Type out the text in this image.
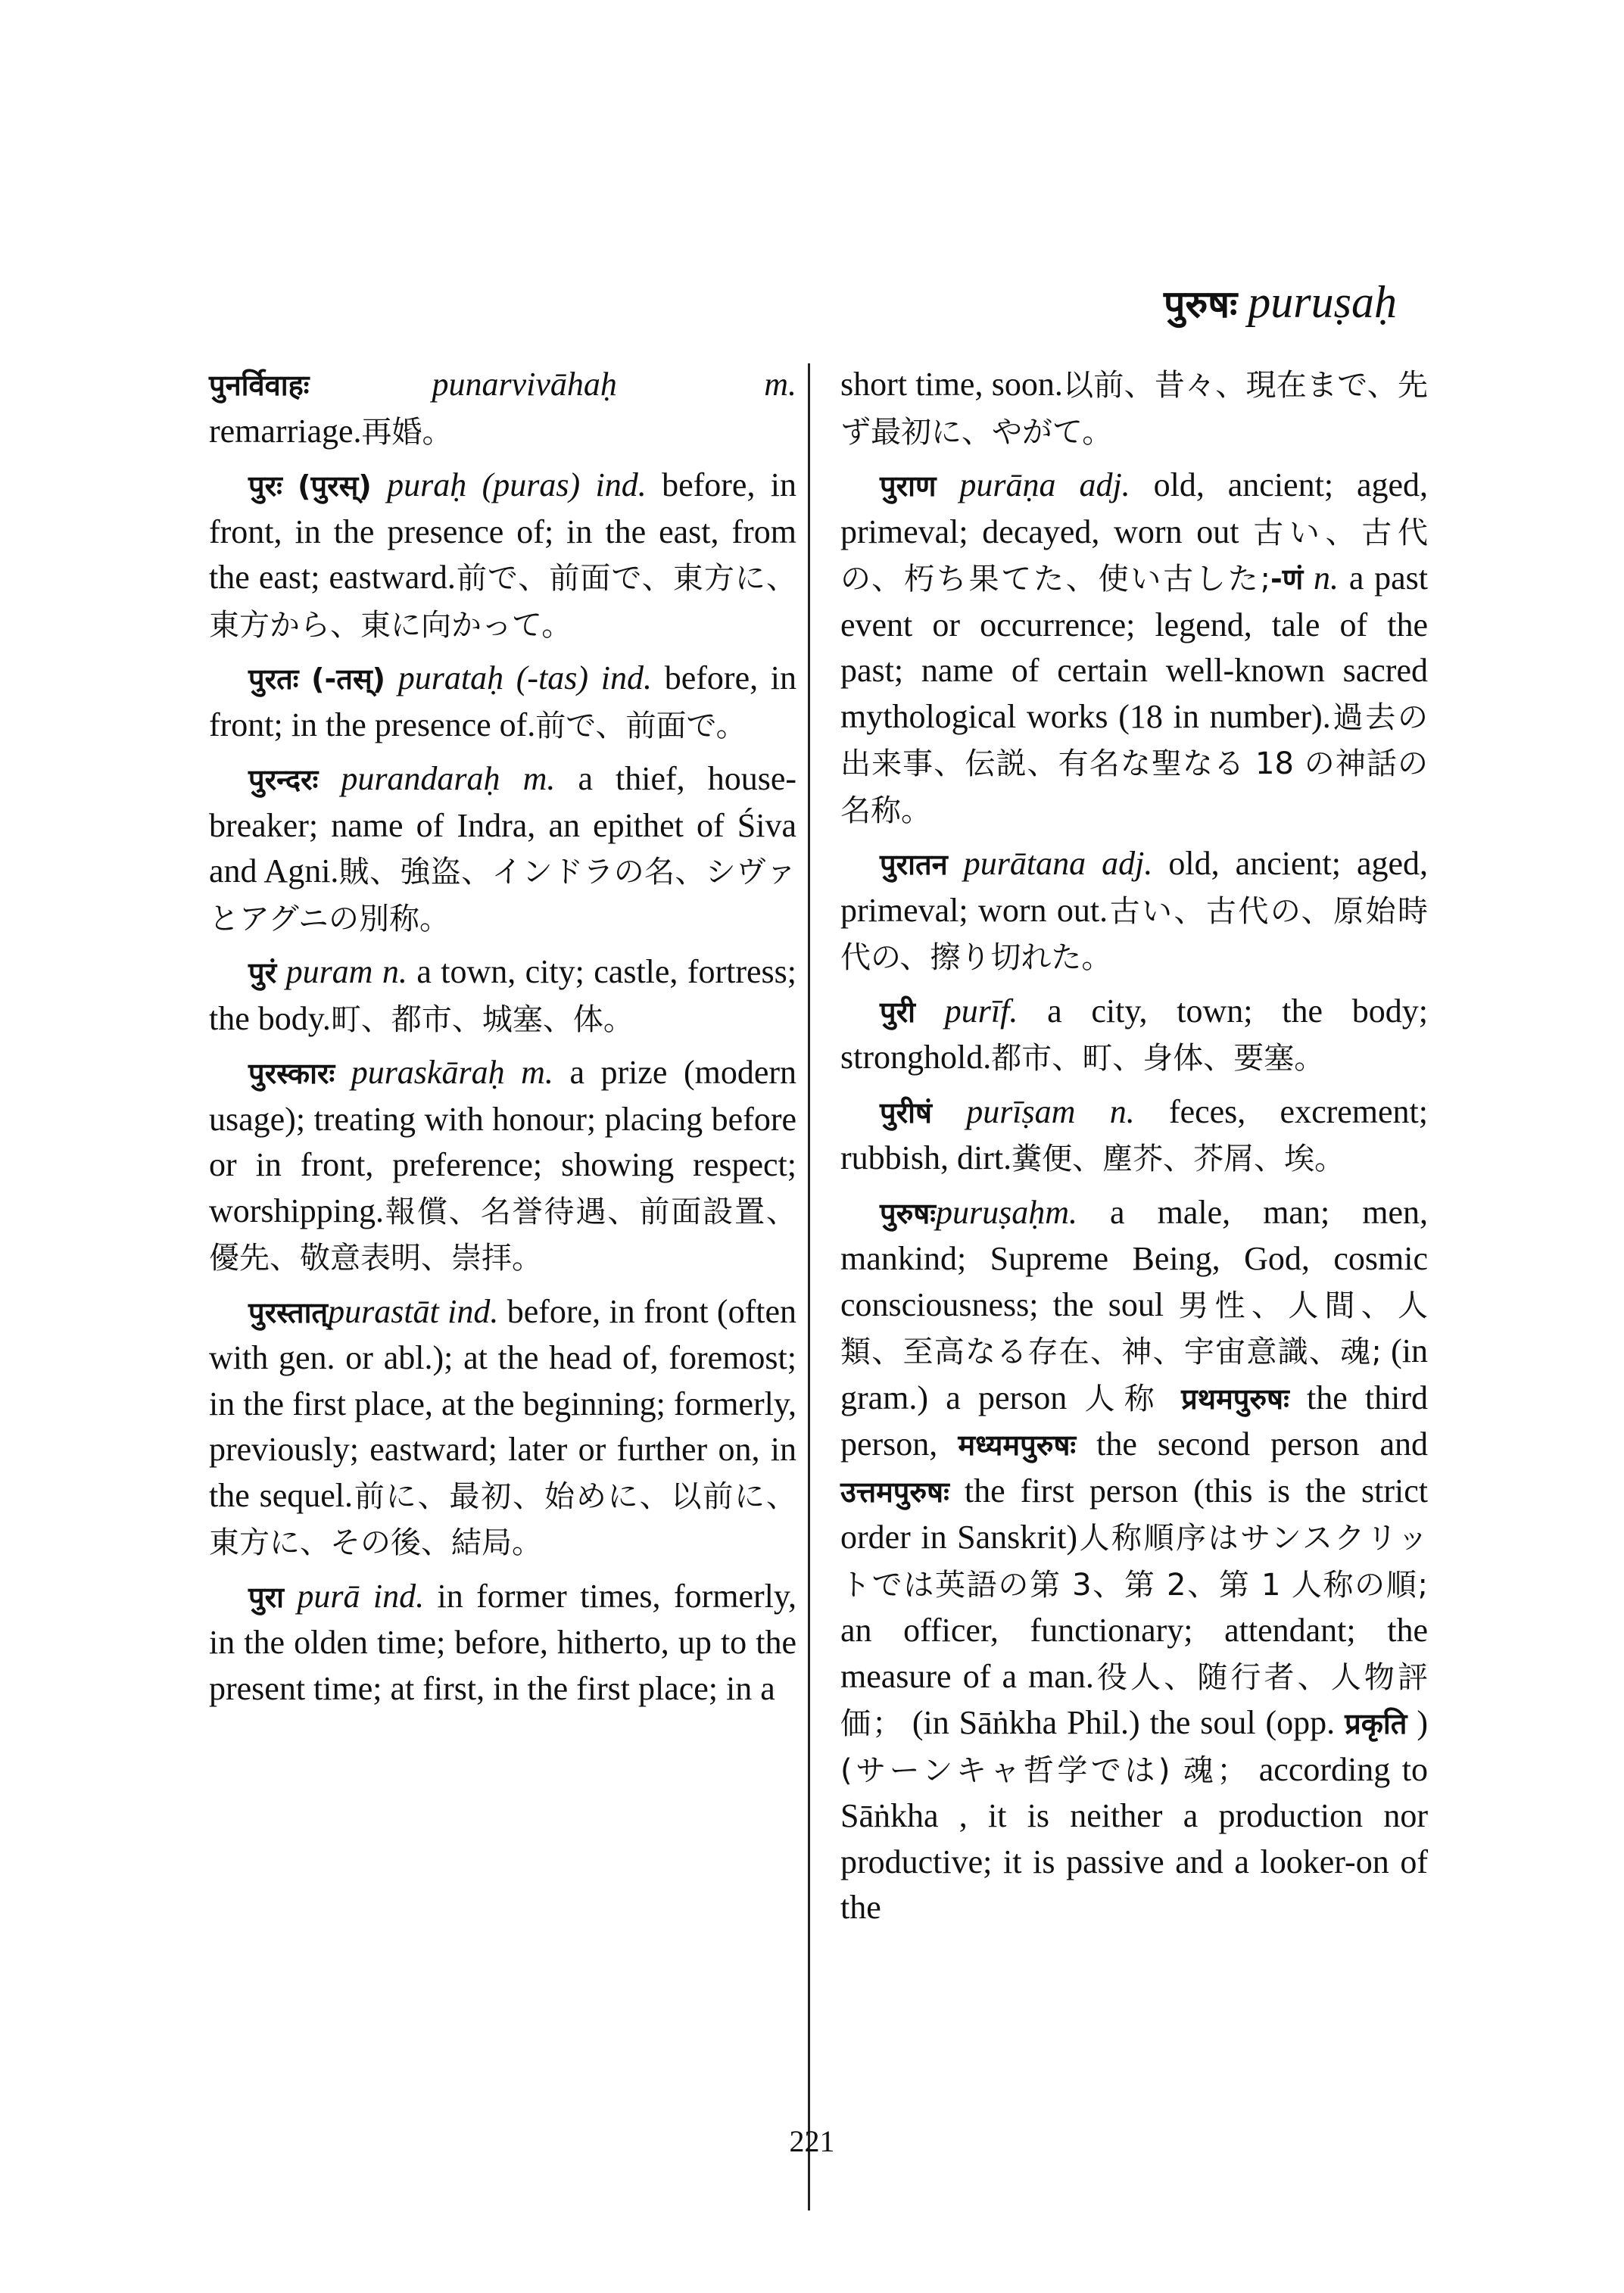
पुरुषः puruṣaḥ

पुनर्विवाहः	punarvivāhaḥ	m. remarriage.再婚。

पुरः (पुरस्) puraḥ (puras) ind. before, in front, in the presence of; in the east, from the east; eastward.前で、前面で、東方に、東方から、東に向かって。

पुरतः (-तस्) purataḥ (-tas) ind. before, in front; in the presence of.前で、前面で。

पुरन्दरः purandaraḥ m. a thief, house-breaker; name of Indra, an epithet of Śiva and Agni.賊、強盗、インドラの名、シヴァとアグニの別称。

पुरं puram n. a town, city; castle, fortress; the body.町、都市、城塞、体。

पुरस्कारः puraskāraḥ m. a prize (modern usage); treating with honour; placing before or in front, preference; showing respect; worshipping.報償、名誉待遇、前面設置、優先、敬意表明、崇拝。

पुरस्तात्purastāt ind. before, in front (often with gen. or abl.); at the head of, foremost; in the first place, at the beginning; formerly, previously; eastward; later or further on, in the sequel.前に、最初、始めに、以前に、東方に、その後、結局。

पुरा purā ind. in former times, formerly, in the olden time; before, hitherto, up to the present time; at first, in the first place; in a

short time, soon.以前、昔々、現在まで、先ず最初に、やがて。

पुराण purāṇa adj. old, ancient; aged, primeval; decayed, worn out 古い、古代の、朽ち果てた、使い古した;-णं n. a past event or occurrence; legend, tale of the past; name of certain well-known sacred mythological works (18 in number).過去の出来事、伝説、有名な聖なる 18 の神話の名称。

पुरातन purātana adj. old, ancient; aged, primeval; worn out.古い、古代の、原始時代の、擦り切れた。

पुरी purīf. a city, town; the body; stronghold.都市、町、身体、要塞。

पुरीषं purīṣam n. feces, excrement; rubbish, dirt.糞便、塵芥、芥屑、埃。

पुरुषःpuruṣaḥm. a male, man; men, mankind; Supreme Being, God, cosmic consciousness; the soul 男性、人間、人類、至高なる存在、神、宇宙意識、魂; (in gram.) a person 人称 प्रथमपुरुषः the third person, मध्यमपुरुषः the second person and उत्तमपुरुषः the first person (this is the strict order in Sanskrit)人称順序はサンスクリットでは英語の第 3、第 2、第 1 人称の順; an officer, functionary; attendant; the measure of a man.役人、随行者、人物評価； (in Sāṅkha Phil.) the soul (opp. प्रकृति ) (サーンキャ哲学では) 魂； according to Sāṅkha , it is neither a production nor productive; it is passive and a looker-on of the

221
